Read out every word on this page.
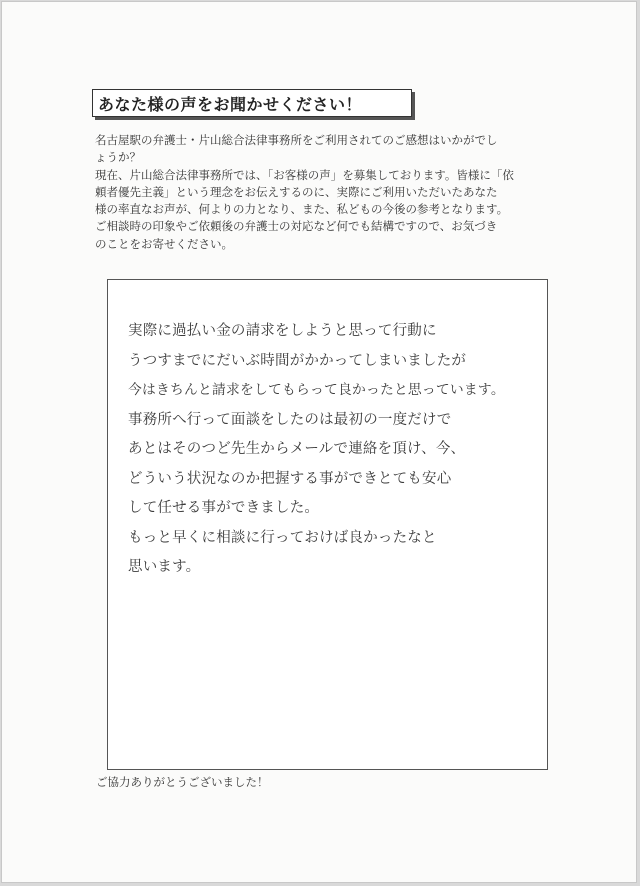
あなた様の声をお聞かせください！

名古屋駅の弁護士・片山総合法律事務所をご利用されてのご感想はいかがでし

ょうか？

現在、片山総合法律事務所では、「お客様の声」を募集しております。皆様に「依

頼者優先主義」という理念をお伝えするのに、実際にご利用いただいたあなた

様の率直なお声が、何よりの力となり、また、私どもの今後の参考となります。

ご相談時の印象やご依頼後の弁護士の対応など何でも結構ですので、お気づき

のことをお寄せください。

実際に過払い金の請求をしようと思って行動に

うつすまでにだいぶ時間がかかってしまいましたが

今はきちんと請求をしてもらって良かったと思っています。

事務所へ行って面談をしたのは最初の一度だけで

あとはそのつど先生からメールで連絡を頂け、今、

どういう状況なのか把握する事ができとても安心

して任せる事ができました。

もっと早くに相談に行っておけば良かったなと

思います。

ご協力ありがとうございました！
